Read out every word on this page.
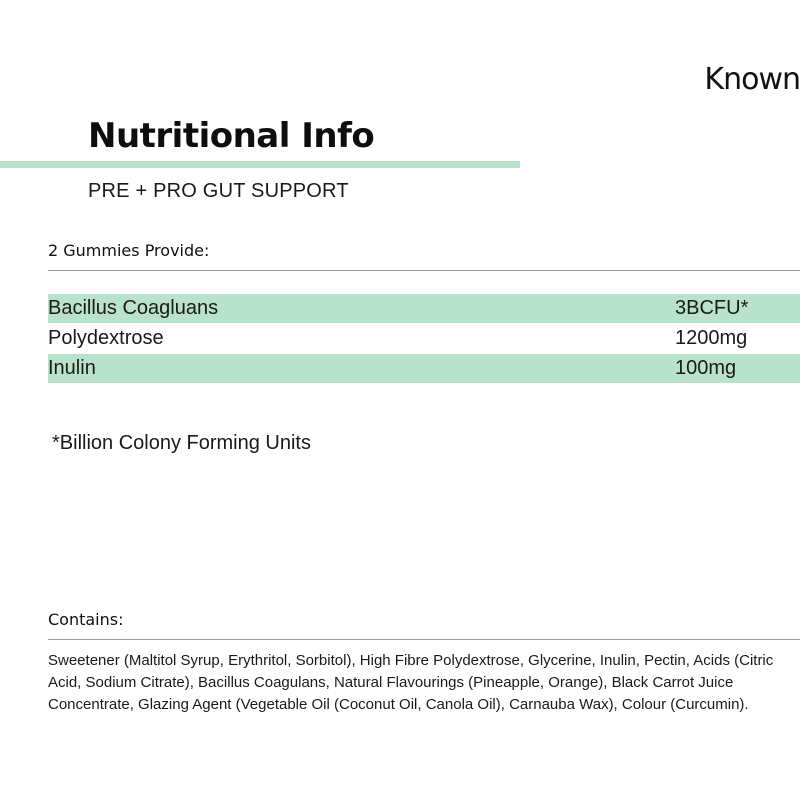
Known
Nutritional Info
PRE + PRO GUT SUPPORT
2 Gummies Provide:
Bacillus Coagluans	3BCFU*
Polydextrose	1200mg
Inulin	100mg
*Billion Colony Forming Units
Contains:
Sweetener (Maltitol Syrup, Erythritol, Sorbitol), High Fibre Polydextrose, Glycerine, Inulin, Pectin, Acids (Citric Acid, Sodium Citrate), Bacillus Coagulans, Natural Flavourings (Pineapple, Orange), Black Carrot Juice Concentrate, Glazing Agent (Vegetable Oil (Coconut Oil, Canola Oil), Carnauba Wax), Colour (Curcumin).
